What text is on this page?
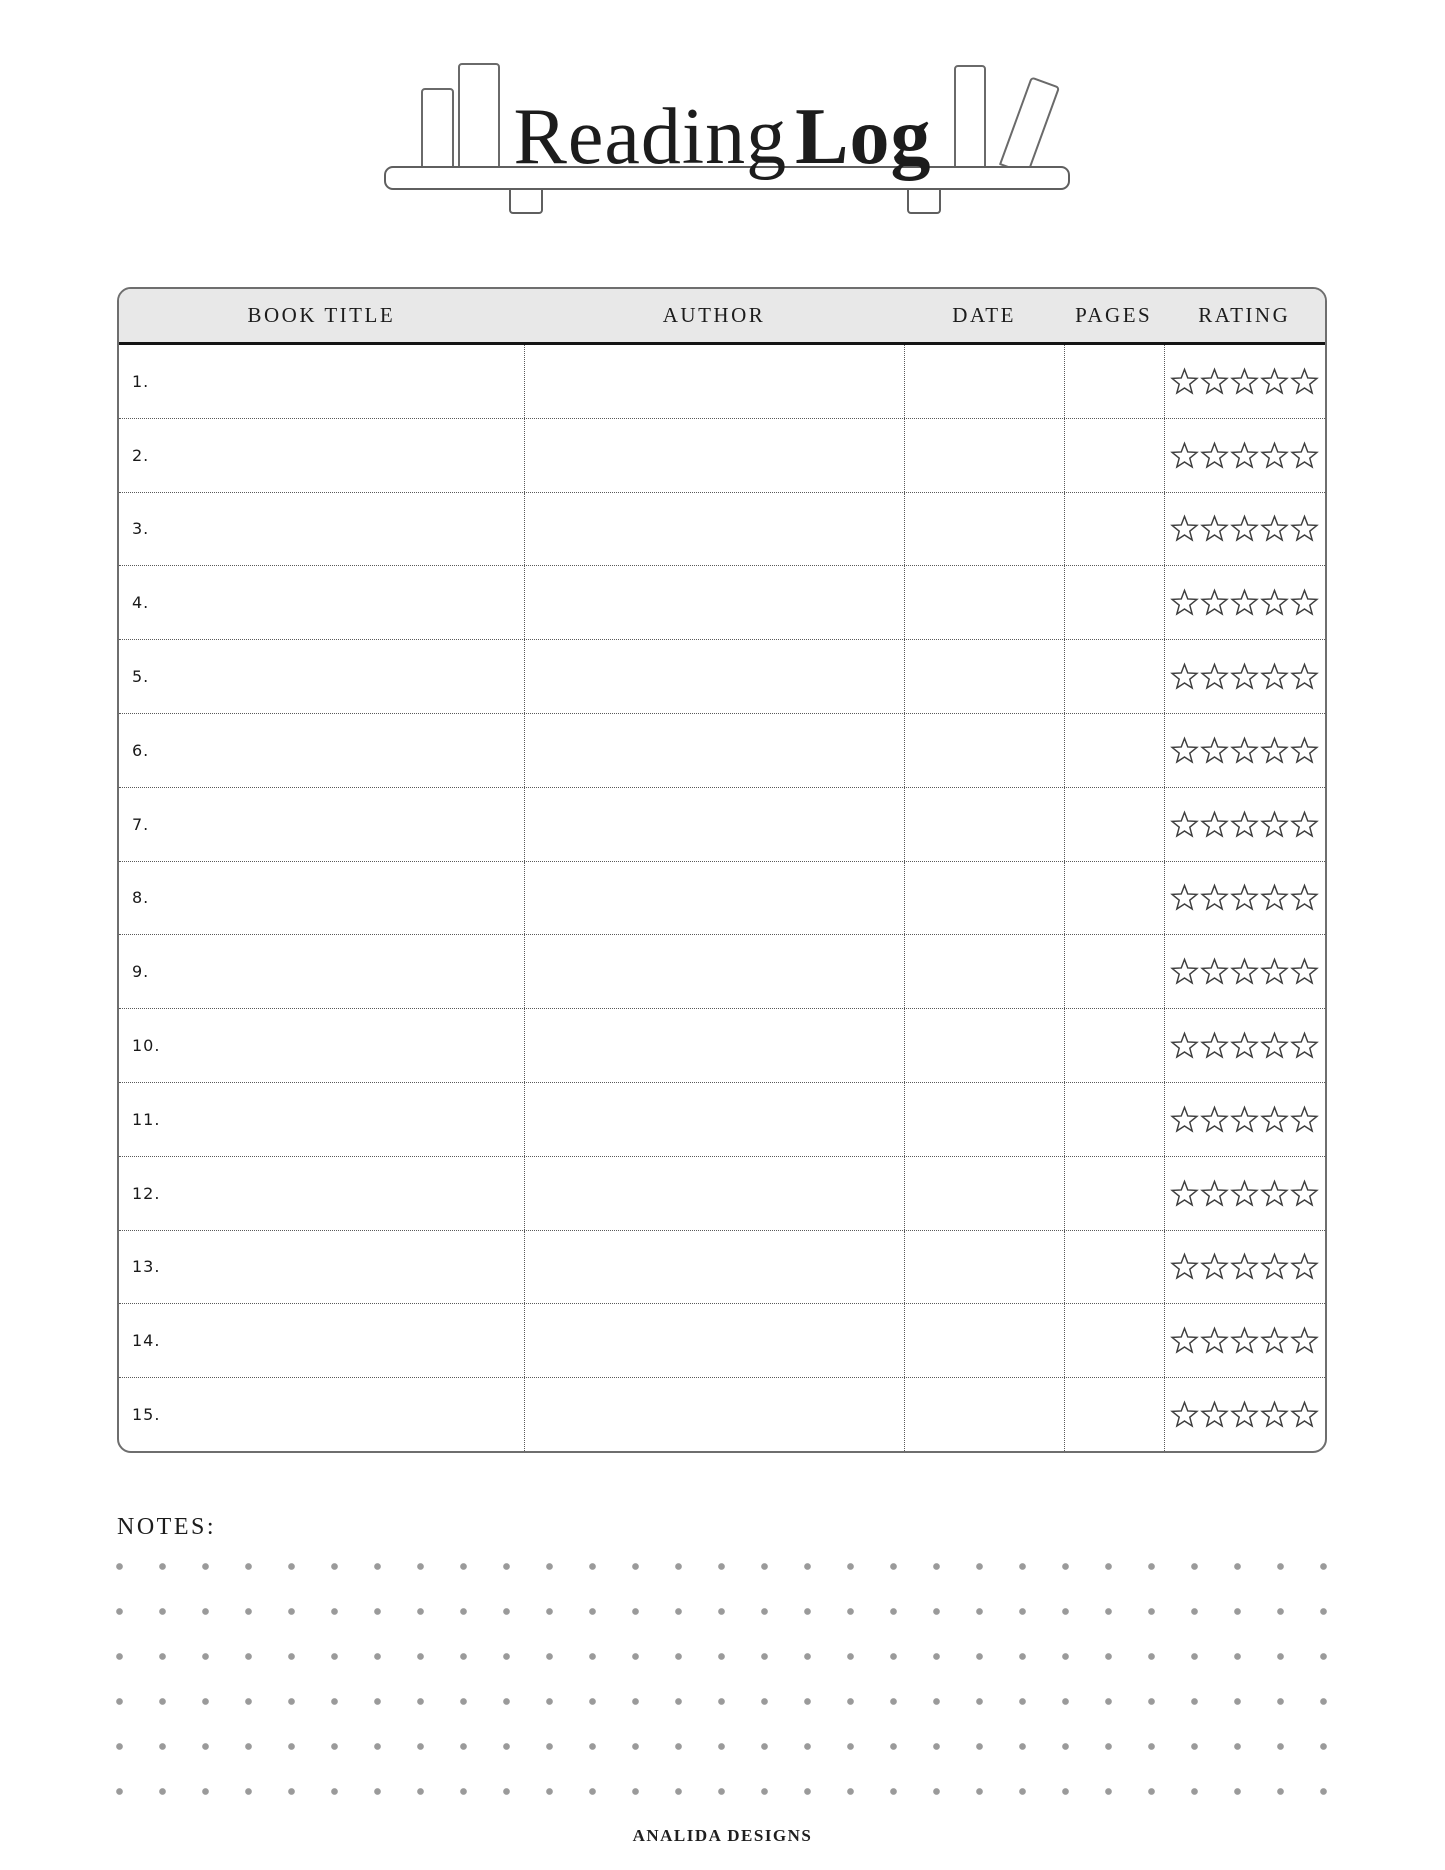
Reading Log
BOOK TITLE	AUTHOR	DATE	PAGES	RATING
1.
2.
3.
4.
5.
6.
7.
8.
9.
10.
11.
12.
13.
14.
15.
NOTES:
ANALIDA DESIGNS
